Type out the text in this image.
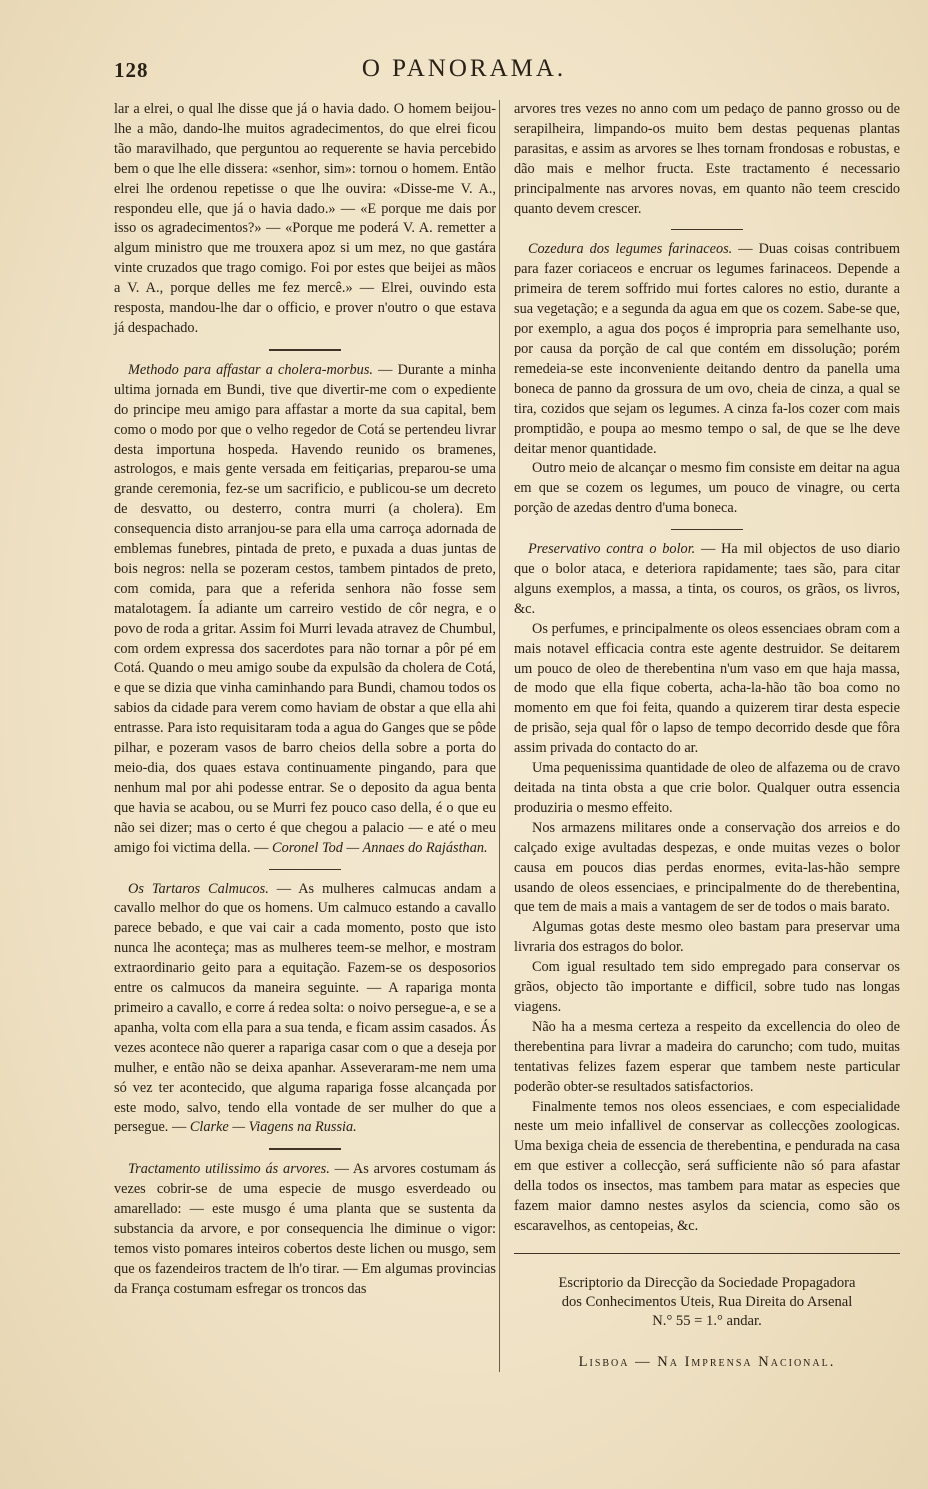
128	O PANORAMA.

lar a elrei, o qual lhe disse que já o havia dado. O homem beijou-lhe a mão, dando-lhe muitos agradecimentos, do que elrei ficou tão maravilhado, que perguntou ao requerente se havia percebido bem o que lhe elle dissera: «senhor, sim»: tornou o homem. Então elrei lhe ordenou repetisse o que lhe ouvira: «Disse-me V. A., respondeu elle, que já o havia dado.» — «E porque me dais por isso os agradecimentos?» — «Porque me poderá V. A. remetter a algum ministro que me trouxera apoz si um mez, no que gastára vinte cruzados que trago comigo. Foi por estes que beijei as mãos a V. A., porque delles me fez mercê.» — Elrei, ouvindo esta resposta, mandou-lhe dar o officio, e prover n'outro o que estava já despachado.

Methodo para affastar a cholera-morbus. — Durante a minha ultima jornada em Bundi, tive que divertir-me com o expediente do principe meu amigo para affastar a morte da sua capital, bem como o modo por que o velho regedor de Cotá se pertendeu livrar desta importuna hospeda. Havendo reunido os bramenes, astrologos, e mais gente versada em feitiçarias, preparou-se uma grande ceremonia, fez-se um sacrificio, e publicou-se um decreto de desvatto, ou desterro, contra murri (a cholera). Em consequencia disto arranjou-se para ella uma carroça adornada de emblemas funebres, pintada de preto, e puxada a duas juntas de bois negros: nella se pozeram cestos, tambem pintados de preto, com comida, para que a referida senhora não fosse sem matalotagem. Ía adiante um carreiro vestido de côr negra, e o povo de roda a gritar. Assim foi Murri levada atravez de Chumbul, com ordem expressa dos sacerdotes para não tornar a pôr pé em Cotá. Quando o meu amigo soube da expulsão da cholera de Cotá, e que se dizia que vinha caminhando para Bundi, chamou todos os sabios da cidade para verem como haviam de obstar a que ella ahi entrasse. Para isto requisitaram toda a agua do Ganges que se pôde pilhar, e pozeram vasos de barro cheios della sobre a porta do meio-dia, dos quaes estava continuamente pingando, para que nenhum mal por ahi podesse entrar. Se o deposito da agua benta que havia se acabou, ou se Murri fez pouco caso della, é o que eu não sei dizer; mas o certo é que chegou a palacio — e até o meu amigo foi victima della. — Coronel Tod — Annaes do Rajásthan.

Os Tartaros Calmucos. — As mulheres calmucas andam a cavallo melhor do que os homens. Um calmuco estando a cavallo parece bebado, e que vai cair a cada momento, posto que isto nunca lhe aconteça; mas as mulheres teem-se melhor, e mostram extraordinario geito para a equitação. Fazem-se os desposorios entre os calmucos da maneira seguinte. — A rapariga monta primeiro a cavallo, e corre á redea solta: o noivo persegue-a, e se a apanha, volta com ella para a sua tenda, e ficam assim casados. Ás vezes acontece não querer a rapariga casar com o que a deseja por mulher, e então não se deixa apanhar. Asseveraram-me nem uma só vez ter acontecido, que alguma rapariga fosse alcançada por este modo, salvo, tendo ella vontade de ser mulher do que a persegue. — Clarke — Viagens na Russia.

Tractamento utilissimo ás arvores. — As arvores costumam ás vezes cobrir-se de uma especie de musgo esverdeado ou amarellado: — este musgo é uma planta que se sustenta da substancia da arvore, e por consequencia lhe diminue o vigor: temos visto pomares inteiros cobertos deste lichen ou musgo, sem que os fazendeiros tractem de lh'o tirar. — Em algumas provincias da França costumam esfregar os troncos das

arvores tres vezes no anno com um pedaço de panno grosso ou de serapilheira, limpando-os muito bem destas pequenas plantas parasitas, e assim as arvores se lhes tornam frondosas e robustas, e dão mais e melhor fructa. Este tractamento é necessario principalmente nas arvores novas, em quanto não teem crescido quanto devem crescer.

Cozedura dos legumes farinaceos. — Duas coisas contribuem para fazer coriaceos e encruar os legumes farinaceos. Depende a primeira de terem soffrido mui fortes calores no estio, durante a sua vegetação; e a segunda da agua em que os cozem. Sabe-se que, por exemplo, a agua dos poços é impropria para semelhante uso, por causa da porção de cal que contém em dissolução; porém remedeia-se este inconveniente deitando dentro da panella uma boneca de panno da grossura de um ovo, cheia de cinza, a qual se tira, cozidos que sejam os legumes. A cinza fa-los cozer com mais promptidão, e poupa ao mesmo tempo o sal, de que se lhe deve deitar menor quantidade.

Outro meio de alcançar o mesmo fim consiste em deitar na agua em que se cozem os legumes, um pouco de vinagre, ou certa porção de azedas dentro d'uma boneca.

Preservativo contra o bolor. — Ha mil objectos de uso diario que o bolor ataca, e deteriora rapidamente; taes são, para citar alguns exemplos, a massa, a tinta, os couros, os grãos, os livros, &c.

Os perfumes, e principalmente os oleos essenciaes obram com a mais notavel efficacia contra este agente destruidor. Se deitarem um pouco de oleo de therebentina n'um vaso em que haja massa, de modo que ella fique coberta, acha-la-hão tão boa como no momento em que foi feita, quando a quizerem tirar desta especie de prisão, seja qual fôr o lapso de tempo decorrido desde que fôra assim privada do contacto do ar.

Uma pequenissima quantidade de oleo de alfazema ou de cravo deitada na tinta obsta a que crie bolor. Qualquer outra essencia produziria o mesmo effeito.

Nos armazens militares onde a conservação dos arreios e do calçado exige avultadas despezas, e onde muitas vezes o bolor causa em poucos dias perdas enormes, evita-las-hão sempre usando de oleos essenciaes, e principalmente do de therebentina, que tem de mais a mais a vantagem de ser de todos o mais barato.

Algumas gotas deste mesmo oleo bastam para preservar uma livraria dos estragos do bolor.

Com igual resultado tem sido empregado para conservar os grãos, objecto tão importante e difficil, sobre tudo nas longas viagens.

Não ha a mesma certeza a respeito da excellencia do oleo de therebentina para livrar a madeira do caruncho; com tudo, muitas tentativas felizes fazem esperar que tambem neste particular poderão obter-se resultados satisfactorios.

Finalmente temos nos oleos essenciaes, e com especialidade neste um meio infallivel de conservar as collecções zoologicas. Uma bexiga cheia de essencia de therebentina, e pendurada na casa em que estiver a collecção, será sufficiente não só para afastar della todos os insectos, mas tambem para matar as especies que fazem maior damno nestes asylos da sciencia, como são os escaravelhos, as centopeias, &c.

Escriptorio da Direcção da Sociedade Propagadora
dos Conhecimentos Uteis, Rua Direita do Arsenal
N.° 55 = 1.° andar.
Lisboa — Na Imprensa Nacional.
